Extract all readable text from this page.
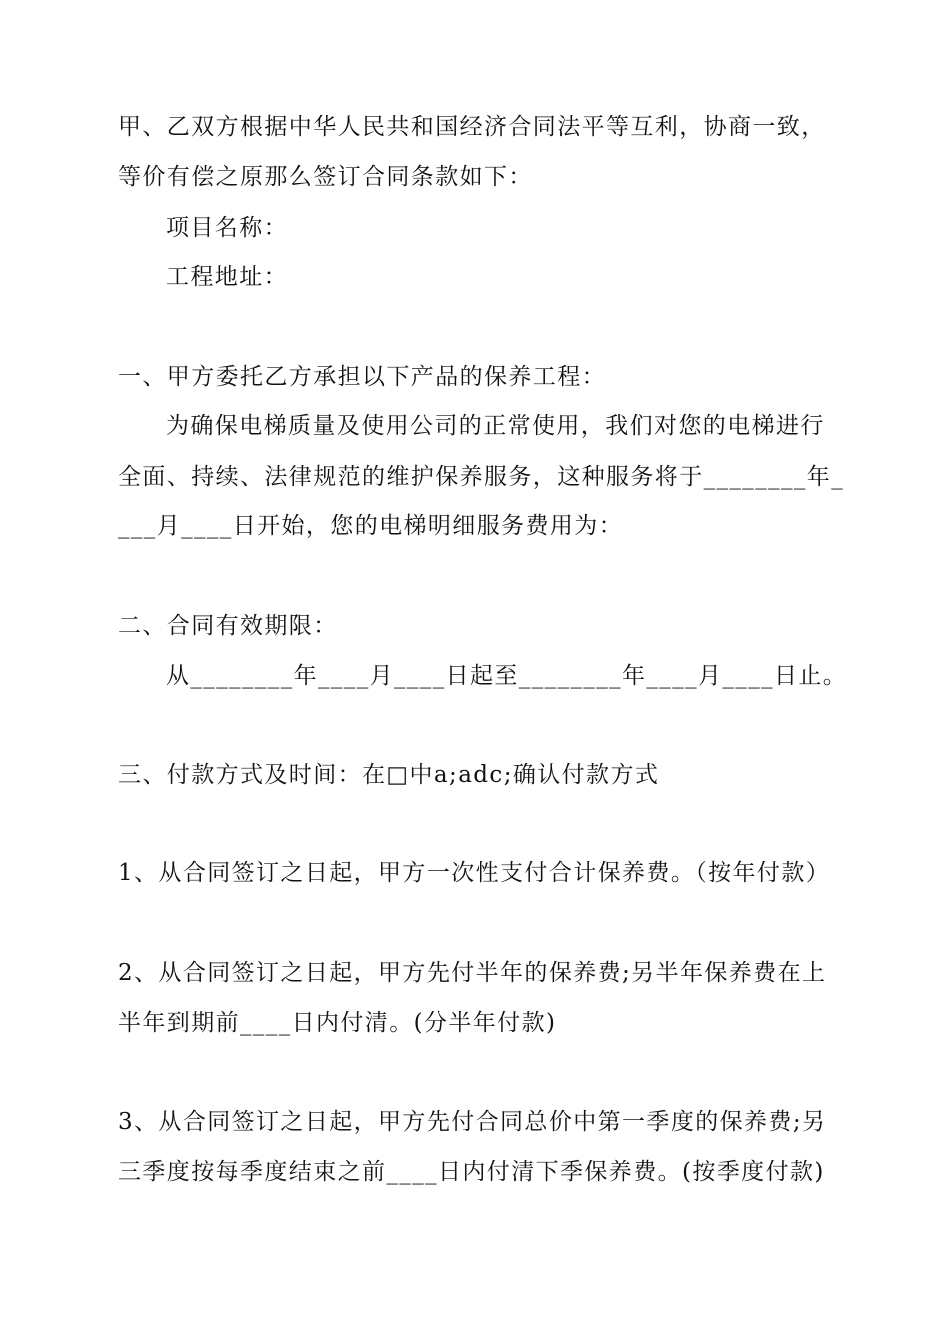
甲、乙双方根据中华人民共和国经济合同法平等互利，协商一致，
等价有偿之原那么签订合同条款如下：
项目名称：
工程地址：
一、甲方委托乙方承担以下产品的保养工程：
为确保电梯质量及使用公司的正常使用，我们对您的电梯进行
全面、持续、法律规范的维护保养服务，这种服务将于________年_
___月____日开始，您的电梯明细服务费用为：
二、合同有效期限：
从________年____月____日起至________年____月____日止。
三、付款方式及时间：在□中a;adc;确认付款方式
1、从合同签订之日起，甲方一次性支付合计保养费。（按年付款）
2、从合同签订之日起，甲方先付半年的保养费;另半年保养费在上
半年到期前____日内付清。(分半年付款)
3、从合同签订之日起，甲方先付合同总价中第一季度的保养费;另
三季度按每季度结束之前____日内付清下季保养费。(按季度付款)
